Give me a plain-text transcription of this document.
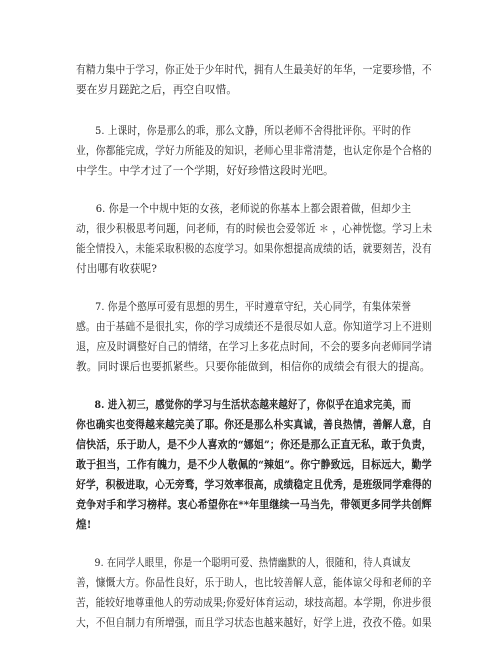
有精力集中于学习，你正处于少年时代，拥有人生最美好的年华，一定要珍惜，不
要在岁月蹉跎之后，再空自叹惜。
5. 上课时，你是那么的乖，那么文静，所以老师不舍得批评你。平时的作
业，你都能完成，学好力所能及的知识，老师心里非常清楚，也认定你是个合格的
中学生。中学才过了一个学期，好好珍惜这段时光吧。
6. 你是一个中规中矩的女孩，老师说的你基本上都会跟着做，但却少主
动，很少积极思考问题，问老师，有的时候也会爱邻近 ＊ ，心神恍惚。学习上未
能全情投入，未能采取积极的态度学习。如果你想提高成绩的话，就要刻苦，没有
付出哪有收获呢?
7. 你是个憨厚可爱有思想的男生，平时遵章守纪，关心同学，有集体荣誉
感。由于基础不是很扎实，你的学习成绩还不是很尽如人意。你知道学习上不进则
退，应及时调整好自己的情绪，在学习上多花点时间，不会的要多向老师同学请
教。同时课后也要抓紧些。只要你能做到，相信你的成绩会有很大的提高。
8. 进入初三，感觉你的学习与生活状态越来越好了，你似乎在追求完美，而
你也确实也变得越来越完美了耶。你还是那么朴实真诚，善良热情，善解人意，自
信快活，乐于助人，是不少人喜欢的“娜姐”；你还是那么正直无私，敢于负责，
敢于担当，工作有魄力，是不少人敬佩的“辣姐”。你宁静致远，目标远大，勤学
好学，积极进取，心无旁骛，学习效率很高，成绩稳定且优秀，是班级同学难得的
竞争对手和学习榜样。衷心希望你在**年里继续一马当先，带领更多同学共创辉
煌!
9. 在同学人眼里，你是一个聪明可爱、热情幽默的人，很随和，待人真诚友
善，慷慨大方。你品性良好，乐于助人，也比较善解人意，能体谅父母和老师的辛
苦，能较好地尊重他人的劳动成果;你爱好体育运动，球技高超。本学期，你进步很
大，不但自制力有所增强，而且学习状态也越来越好，好学上进，孜孜不倦。如果
